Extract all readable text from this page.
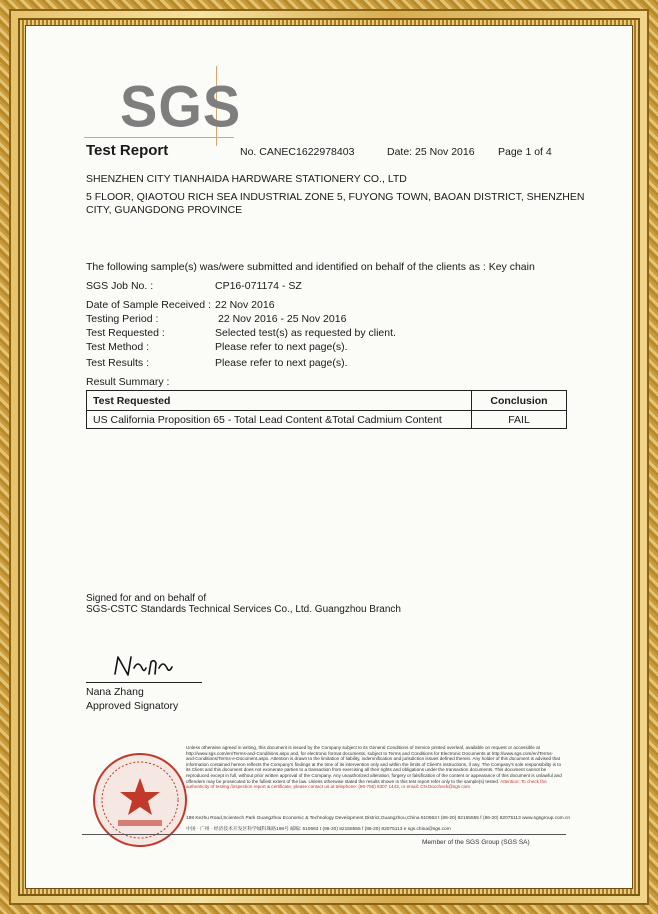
SGS
Test Report	No. CANEC1622978403	Date: 25 Nov 2016 Page 1 of 4
SHENZHEN CITY TIANHAIDA HARDWARE STATIONERY CO., LTD
5 FLOOR, QIAOTOU RICH SEA INDUSTRIAL ZONE 5, FUYONG TOWN, BAOAN DISTRICT, SHENZHEN
CITY, GUANGDONG PROVINCE
The following sample(s) was/were submitted and identified on behalf of the clients as : Key chain
SGS Job No. :	CP16-071174 - SZ
Date of Sample Received : 22 Nov 2016
Testing Period :	22 Nov 2016 - 25 Nov 2016
Test Requested :	Selected test(s) as requested by client.
Test Method :	Please refer to next page(s).
Test Results :	Please refer to next page(s).
Result Summary :
Test Requested	Conclusion
US California Proposition 65 - Total Lead Content &Total Cadmium Content	FAIL
Signed for and on behalf of
SGS-CSTC Standards Technical Services Co., Ltd. Guangzhou Branch
Nana Zhang
Approved Signatory
Unless otherwise agreed in writing, this document is issued by the Company subject to its General Conditions of Service printed overleaf, available on request or accessible at http://www.sgs.com/en/Terms-and-Conditions.aspx and, for electronic format documents, subject to Terms and Conditions for Electronic Documents at http://www.sgs.com/en/Terms-and-Conditions/Terms-e-Document.aspx. Attention is drawn to the limitation of liability, indemnification and jurisdiction issues defined therein. Any holder of this document is advised that information contained hereon reflects the Company's findings at the time of its intervention only and within the limits of Client's instructions, if any. The Company's sole responsibility is to its Client and this document does not exonerate parties to a transaction from exercising all their rights and obligations under the transaction documents. This document cannot be reproduced except in full, without prior written approval of the Company. Any unauthorized alteration, forgery or falsification of the content or appearance of this document is unlawful and offenders may be prosecuted to the fullest extent of the law. Unless otherwise stated the results shown in this test report refer only to the sample(s) tested. Attention: To check the authenticity of testing /inspection report & certificate, please contact us at telephone: (86-755) 8307 1443, or email: CN.Doccheck@sgs.com
198 Kezhu Road,Scientech Park Guangzhou Economic & Technology Development District,Guangzhou,China 510663 t (86-20) 82155555 f (86-20) 82075113 www.sgsgroup.com.cn
中国 · 广州 · 经济技术开发区科学城科珠路198号 邮编: 510663 t (86-20) 82155555 f (86-20) 82075113 e sgs.china@sgs.com
Member of the SGS Group (SGS SA)
